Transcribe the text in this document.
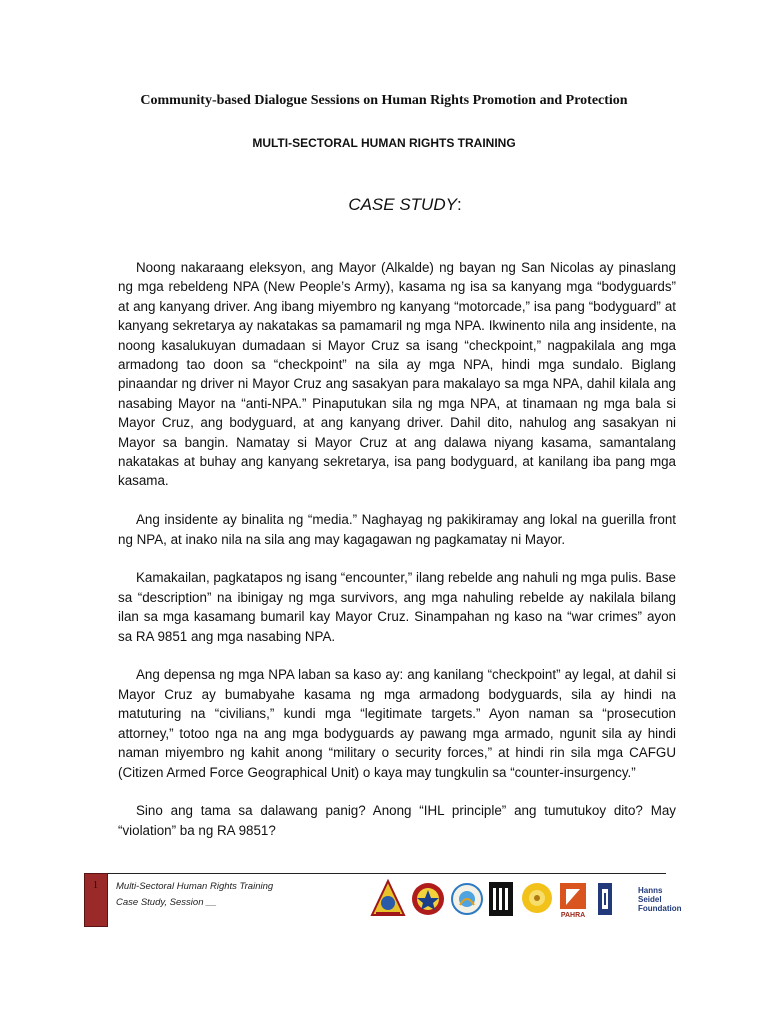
Community-based Dialogue Sessions on Human Rights Promotion and Protection
MULTI-SECTORAL HUMAN RIGHTS TRAINING
CASE STUDY:

Noong nakaraang eleksyon, ang Mayor (Alkalde) ng bayan ng San Nicolas ay pinaslang ng mga rebeldeng NPA (New People’s Army), kasama ng isa sa kanyang mga “bodyguards” at ang kanyang driver. Ang ibang miyembro ng kanyang “motorcade,” isa pang “bodyguard” at kanyang sekretarya ay nakatakas sa pamamaril ng mga NPA. Ikwinento nila ang insidente, na noong kasalukuyan dumadaan si Mayor Cruz sa isang “checkpoint,” nagpakilala ang mga armadong tao doon sa “checkpoint” na sila ay mga NPA, hindi mga sundalo. Biglang pinaandar ng driver ni Mayor Cruz ang sasakyan para makalayo sa mga NPA, dahil kilala ang nasabing Mayor na “anti-NPA.” Pinaputukan sila ng mga NPA, at tinamaan ng mga bala si Mayor Cruz, ang bodyguard, at ang kanyang driver. Dahil dito, nahulog ang sasakyan ni Mayor sa bangin. Namatay si Mayor Cruz at ang dalawa niyang kasama, samantalang nakatakas at buhay ang kanyang sekretarya, isa pang bodyguard, at kanilang iba pang mga kasama.

Ang insidente ay binalita ng “media.” Naghayag ng pakikiramay ang lokal na guerilla front ng NPA, at inako nila na sila ang may kagagawan ng pagkamatay ni Mayor.

Kamakailan, pagkatapos ng isang “encounter,” ilang rebelde ang nahuli ng mga pulis. Base sa “description” na ibinigay ng mga survivors, ang mga nahuling rebelde ay nakilala bilang ilan sa mga kasamang bumaril kay Mayor Cruz. Sinampahan ng kaso na “war crimes” ayon sa RA 9851 ang mga nasabing NPA.

Ang depensa ng mga NPA laban sa kaso ay: ang kanilang “checkpoint” ay legal, at dahil si Mayor Cruz ay bumabyahe kasama ng mga armadong bodyguards, sila ay hindi na matuturing na “civilians,” kundi mga “legitimate targets.” Ayon naman sa “prosecution attorney,” totoo nga na ang mga bodyguards ay pawang mga armado, ngunit sila ay hindi naman miyembro ng kahit anong “military o security forces,” at hindi rin sila mga CAFGU (Citizen Armed Force Geographical Unit) o kaya may tungkulin sa “counter-insurgency.”

Sino ang tama sa dalawang panig? Anong “IHL principle” ang tumutukoy dito? May “violation” ba ng RA 9851?

1 Multi-Sectoral Human Rights Training
Case Study, Session __
PAHRA
Hanns
Seidel
Foundation
